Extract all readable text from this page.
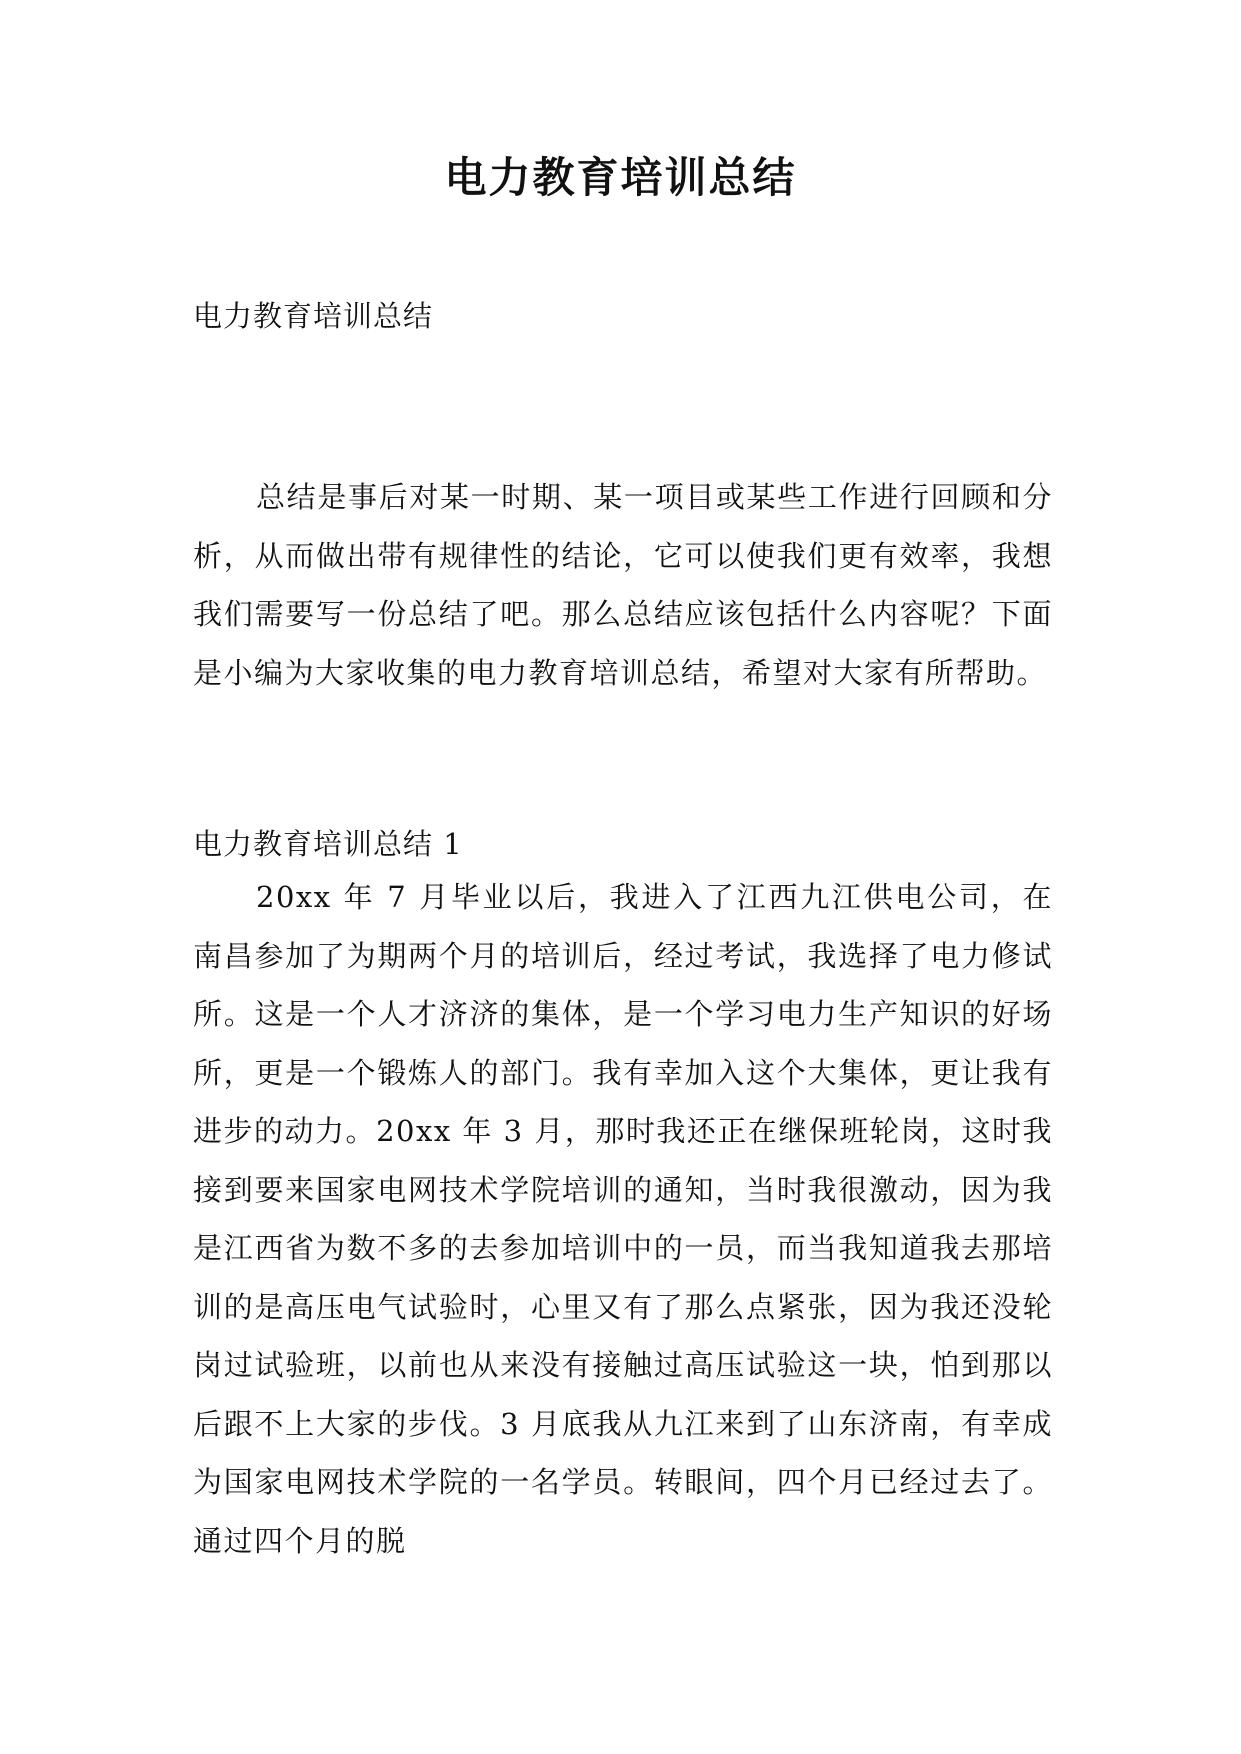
电力教育培训总结
电力教育培训总结

总结是事后对某一时期、某一项目或某些工作进行回顾和分析，从而做出带有规律性的结论，它可以使我们更有效率，我想我们需要写一份总结了吧。那么总结应该包括什么内容呢？下面是小编为大家收集的电力教育培训总结，希望对大家有所帮助。

电力教育培训总结 1

20xx 年 7 月毕业以后，我进入了江西九江供电公司，在南昌参加了为期两个月的培训后，经过考试，我选择了电力修试所。这是一个人才济济的集体，是一个学习电力生产知识的好场所，更是一个锻炼人的部门。我有幸加入这个大集体，更让我有进步的动力。20xx 年 3 月，那时我还正在继保班轮岗，这时我接到要来国家电网技术学院培训的通知，当时我很激动，因为我是江西省为数不多的去参加培训中的一员，而当我知道我去那培训的是高压电气试验时，心里又有了那么点紧张，因为我还没轮岗过试验班，以前也从来没有接触过高压试验这一块，怕到那以后跟不上大家的步伐。3 月底我从九江来到了山东济南，有幸成为国家电网技术学院的一名学员。转眼间，四个月已经过去了。通过四个月的脱
